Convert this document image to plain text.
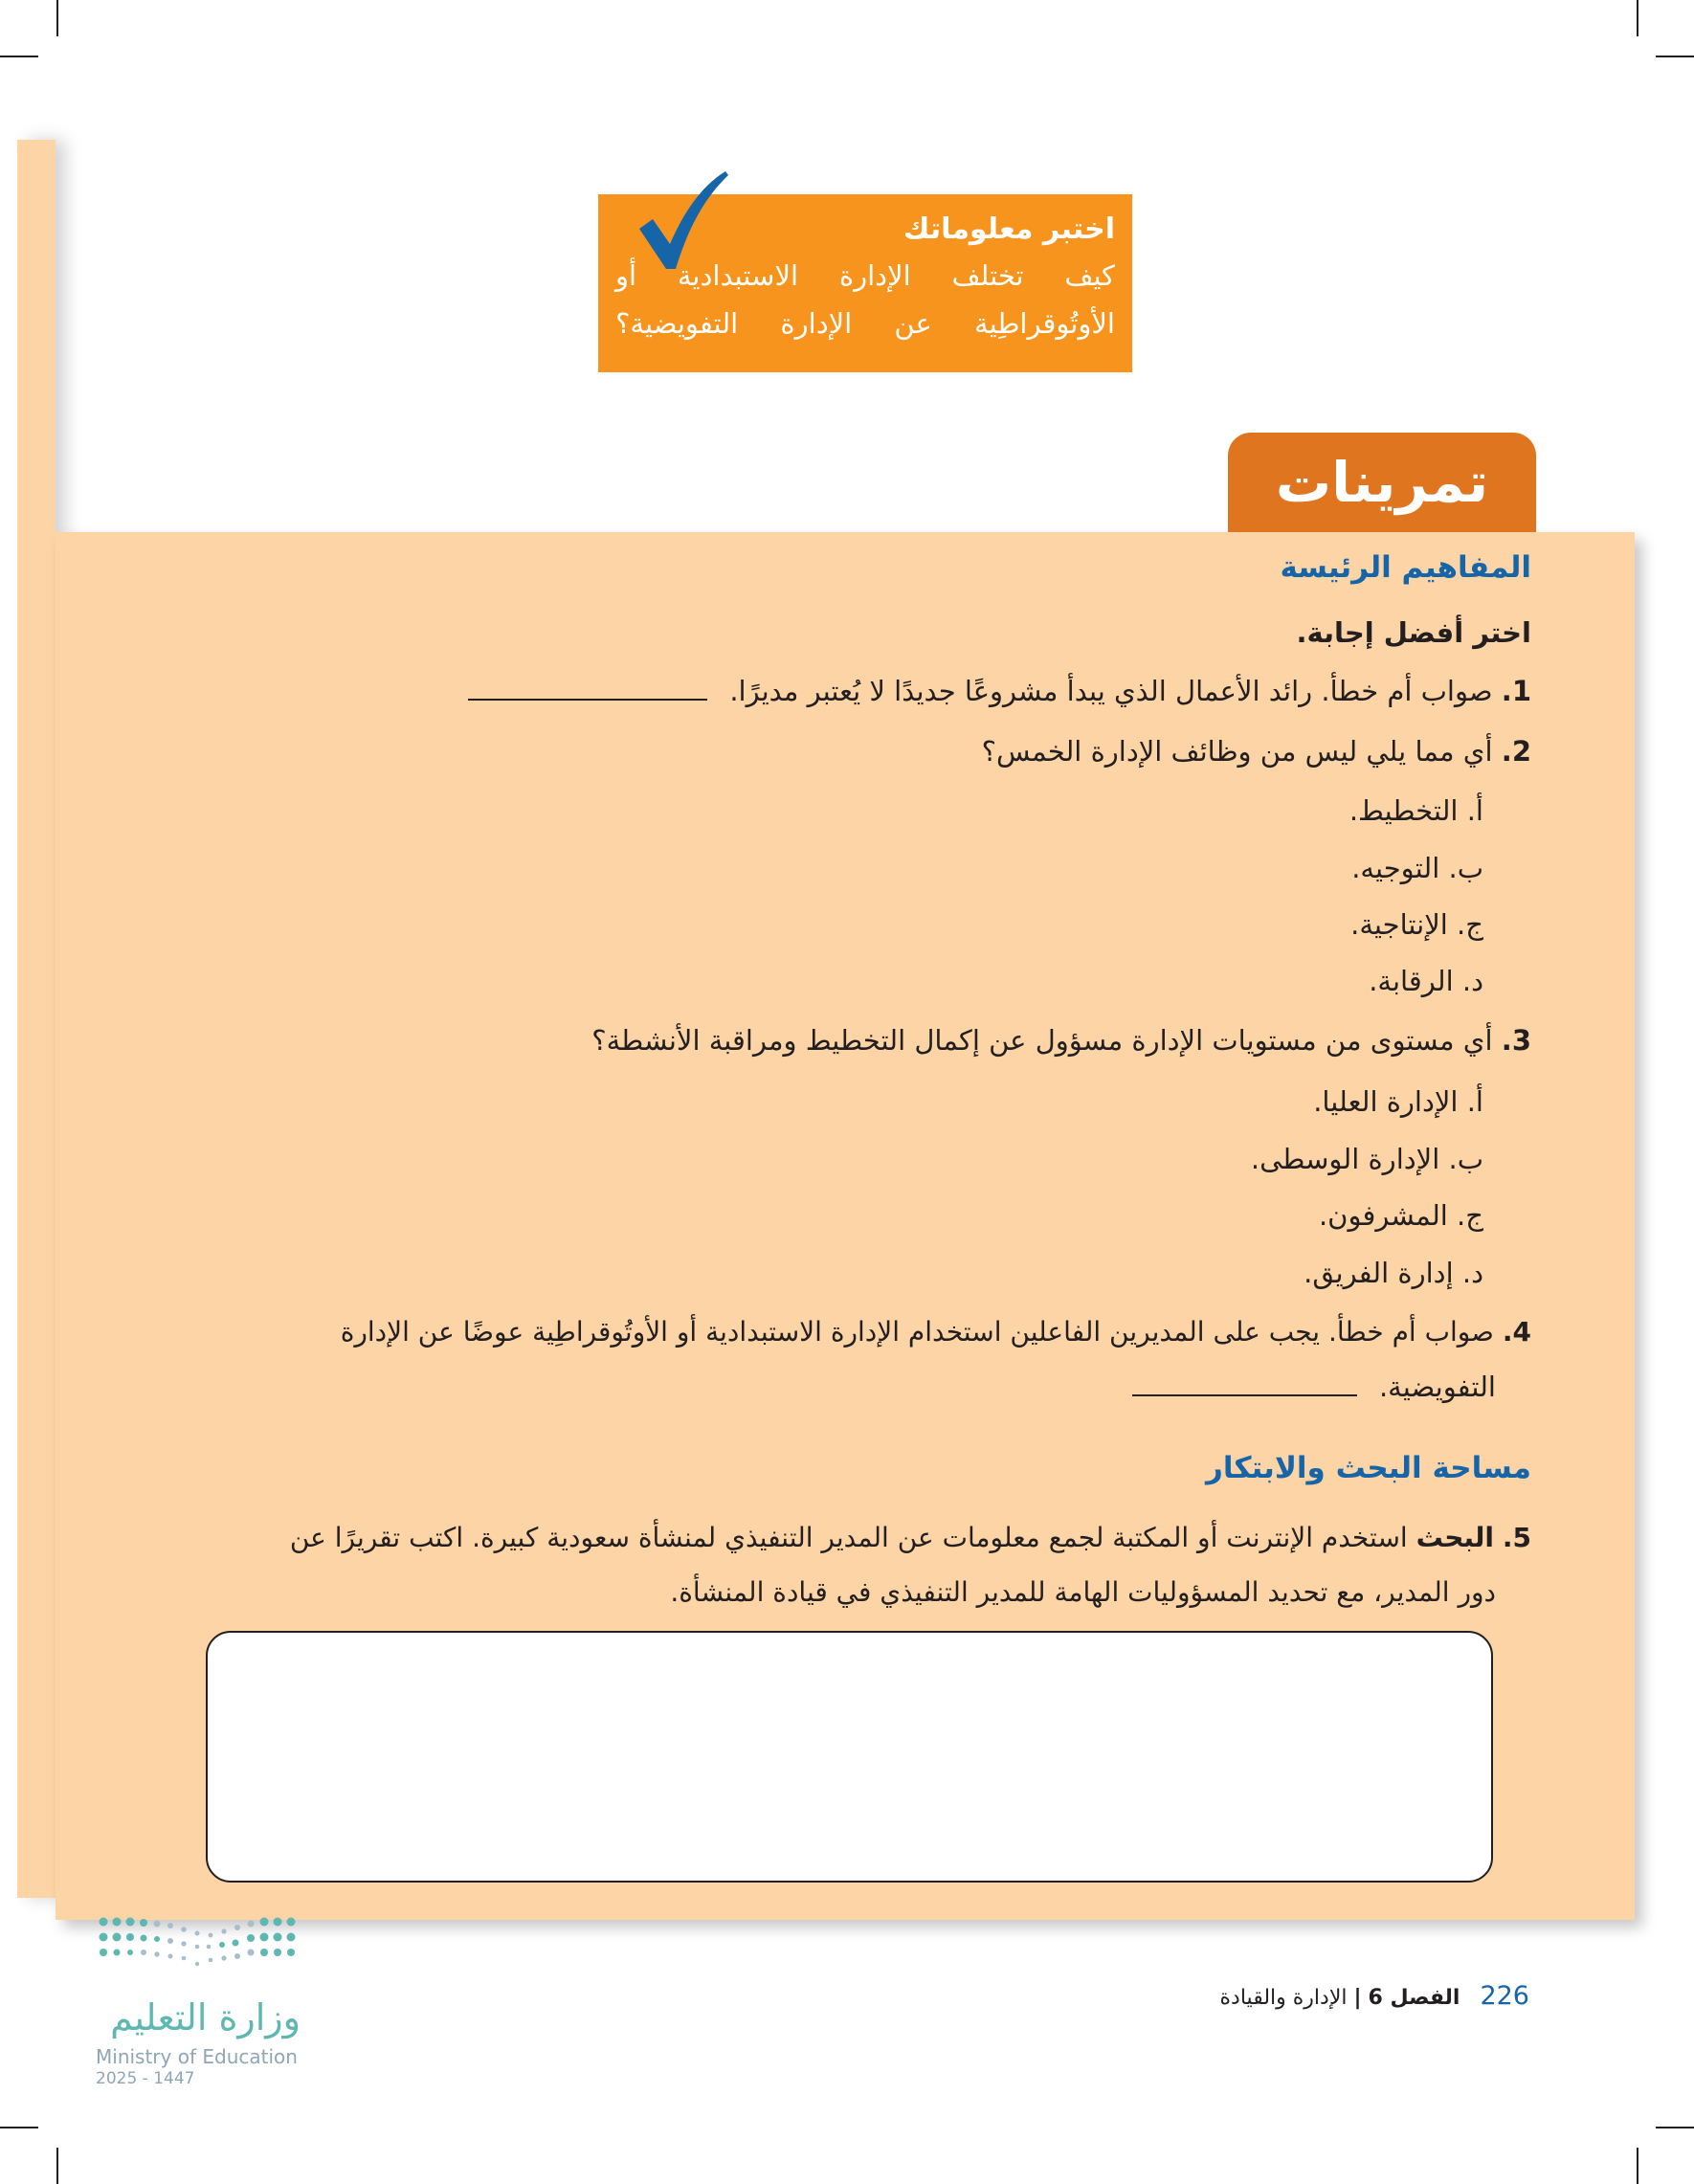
اختبر معلوماتك
كيف تختلف الإدارة الاستبدادية أو
الأوتُوقراطِية عن الإدارة التفويضية؟
تمرينات
المفاهيم الرئيسة
اختر أفضل إجابة.
1. صواب أم خطأ. رائد الأعمال الذي يبدأ مشروعًا جديدًا لا يُعتبر مديرًا.
2. أي مما يلي ليس من وظائف الإدارة الخمس؟
أ. التخطيط.
ب. التوجيه.
ج. الإنتاجية.
د. الرقابة.
3. أي مستوى من مستويات الإدارة مسؤول عن إكمال التخطيط ومراقبة الأنشطة؟
أ. الإدارة العليا.
ب. الإدارة الوسطى.
ج. المشرفون.
د. إدارة الفريق.
4. صواب أم خطأ. يجب على المديرين الفاعلين استخدام الإدارة الاستبدادية أو الأوتُوقراطِية عوضًا عن الإدارة
التفويضية.
مساحة البحث والابتكار
5. البحث استخدم الإنترنت أو المكتبة لجمع معلومات عن المدير التنفيذي لمنشأة سعودية كبيرة. اكتب تقريرًا عن
دور المدير، مع تحديد المسؤوليات الهامة للمدير التنفيذي في قيادة المنشأة.
وزارة التعليم
Ministry of Education
2025 - 1447
226 الفصل 6 | الإدارة والقيادة
